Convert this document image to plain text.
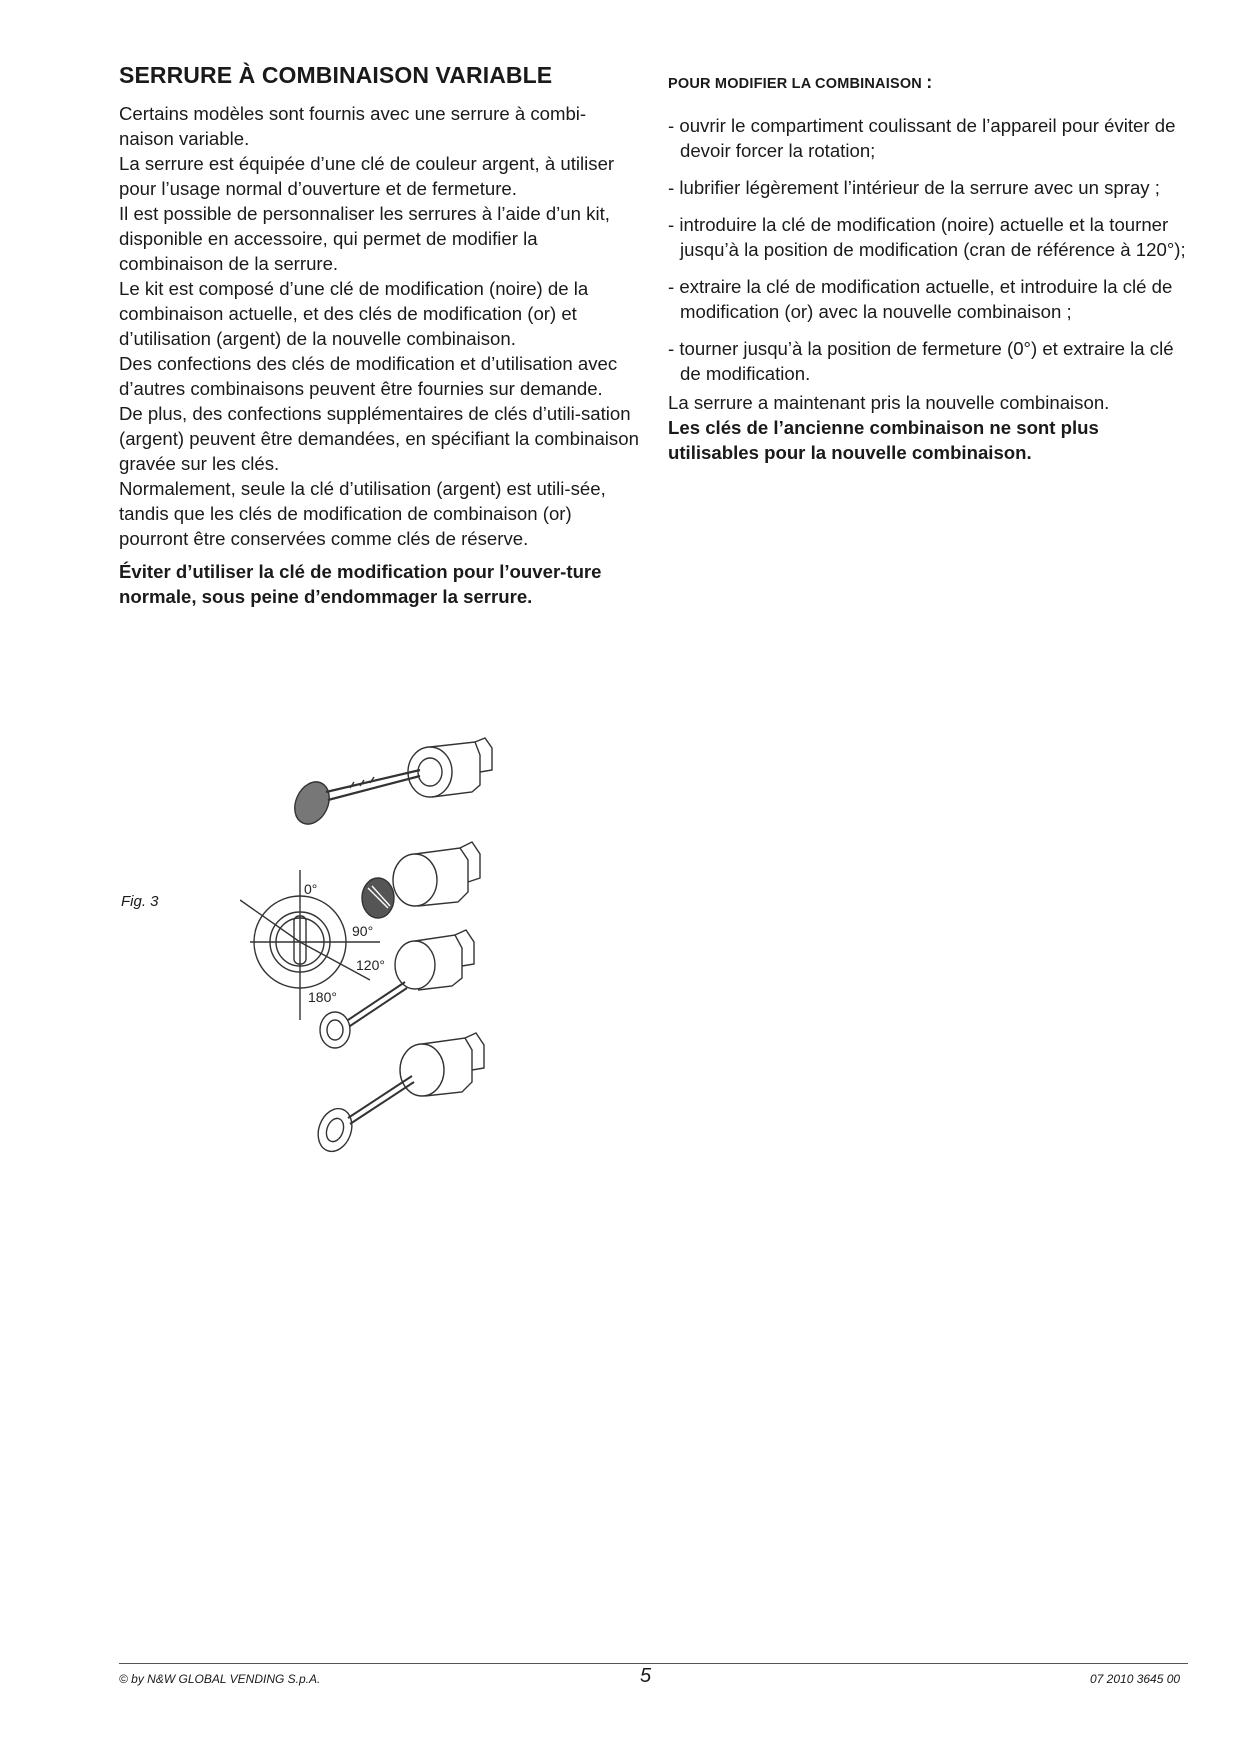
SERRURE À COMBINAISON VARIABLE

Certains modèles sont fournis avec une serrure à combi-naison variable.

La serrure est équipée d’une clé de couleur argent, à utiliser pour l’usage normal d’ouverture et de fermeture.

Il est possible de personnaliser les serrures à l’aide d’un kit, disponible en accessoire, qui permet de modifier la combinaison de la serrure.

Le kit est composé d’une clé de modification (noire) de la combinaison actuelle, et des clés de modification (or) et d’utilisation (argent) de la nouvelle combinaison.

Des confections des clés de modification et d’utilisation avec d’autres combinaisons peuvent être fournies sur demande.

De plus, des confections supplémentaires de clés d’utili-sation (argent) peuvent être demandées, en spécifiant la combinaison gravée sur les clés.

Normalement, seule la clé d’utilisation (argent) est utili-sée, tandis que les clés de modification de combinaison (or) pourront être conservées comme clés de réserve.

Éviter d’utiliser la clé de modification pour l’ouver-ture normale, sous peine d’endommager la serrure.

POUR MODIFIER LA COMBINAISON :
- ouvrir le compartiment coulissant de l’appareil pour éviter de devoir forcer la rotation;
- lubrifier légèrement l’intérieur de la serrure avec un spray ;
- introduire la clé de modification (noire) actuelle et la tourner jusqu’à la position de modification (cran de référence à 120°);
- extraire la clé de modification actuelle, et introduire la clé de modification (or) avec la nouvelle combinaison ;
- tourner jusqu’à la position de fermeture (0°) et extraire la clé de modification.

La serrure a maintenant pris la nouvelle combinaison.

Les clés de l’ancienne combinaison ne sont plus utilisables pour la nouvelle combinaison.

Fig. 3
0°
90°
120°
180°
© by N&W GLOBAL VENDING S.p.A.	5	07 2010 3645 00
